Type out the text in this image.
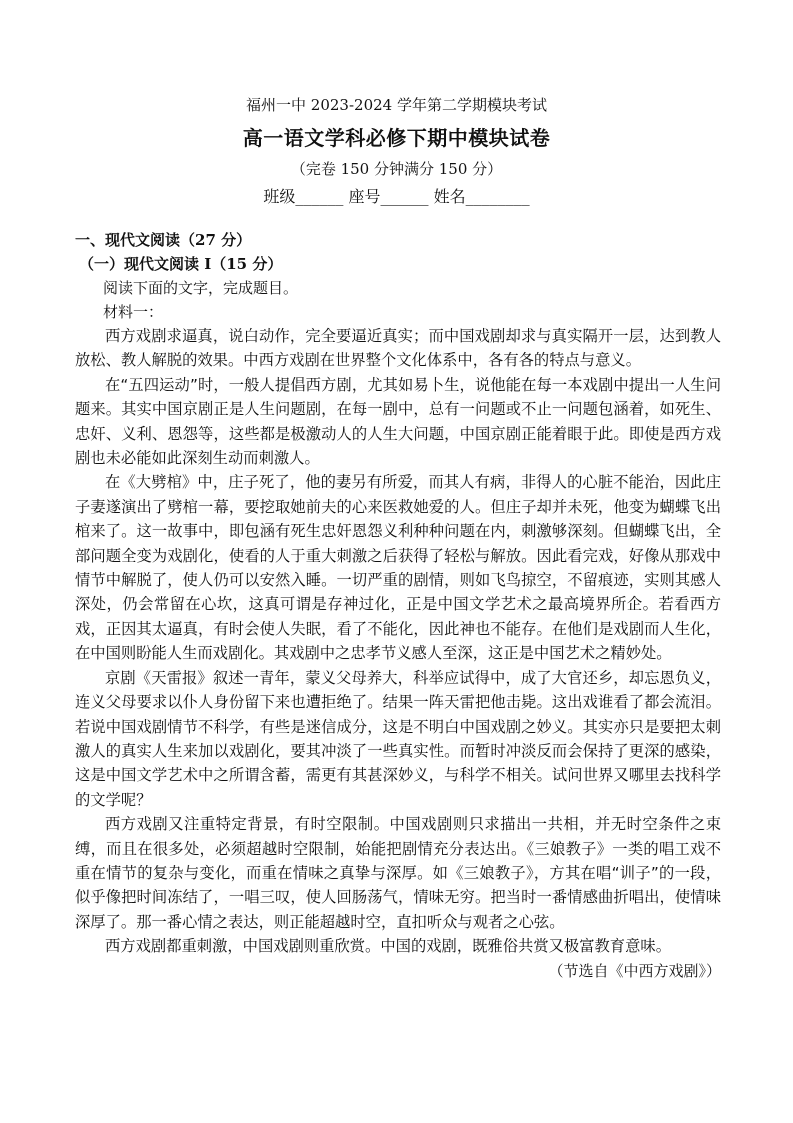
福州一中 2023-2024 学年第二学期模块考试
高一语文学科必修下期中模块试卷
（完卷 150 分钟满分 150 分）
班级______ 座号______ 姓名________
一、现代文阅读（27 分）
（一）现代文阅读 I（15 分）
阅读下面的文字，完成题目。
材料一：

西方戏剧求逼真，说白动作，完全要逼近真实；而中国戏剧却求与真实隔开一层，达到教人放松、教人解脱的效果。中西方戏剧在世界整个文化体系中，各有各的特点与意义。

在“五四运动”时，一般人提倡西方剧，尤其如易卜生，说他能在每一本戏剧中提出一人生问题来。其实中国京剧正是人生问题剧，在每一剧中，总有一问题或不止一问题包涵着，如死生、忠奸、义利、恩怨等，这些都是极激动人的人生大问题，中国京剧正能着眼于此。即使是西方戏剧也未必能如此深刻生动而刺激人。

在《大劈棺》中，庄子死了，他的妻另有所爱，而其人有病，非得人的心脏不能治，因此庄子妻遂演出了劈棺一幕，要挖取她前夫的心来医救她爱的人。但庄子却并未死，他变为蝴蝶飞出棺来了。这一故事中，即包涵有死生忠奸恩怨义利种种问题在内，刺激够深刻。但蝴蝶飞出，全部问题全变为戏剧化，使看的人于重大刺激之后获得了轻松与解放。因此看完戏，好像从那戏中情节中解脱了，使人仍可以安然入睡。一切严重的剧情，则如飞鸟掠空，不留痕迹，实则其感人深处，仍会常留在心坎，这真可谓是存神过化，正是中国文学艺术之最高境界所企。若看西方戏，正因其太逼真，有时会使人失眠，看了不能化，因此神也不能存。在他们是戏剧而人生化，在中国则盼能人生而戏剧化。其戏剧中之忠孝节义感人至深，这正是中国艺术之精妙处。

京剧《天雷报》叙述一青年，蒙义父母养大，科举应试得中，成了大官还乡，却忘恩负义，连义父母要求以仆人身份留下来也遭拒绝了。结果一阵天雷把他击毙。这出戏谁看了都会流泪。若说中国戏剧情节不科学，有些是迷信成分，这是不明白中国戏剧之妙义。其实亦只是要把太刺激人的真实人生来加以戏剧化，要其冲淡了一些真实性。而暂时冲淡反而会保持了更深的感染，这是中国文学艺术中之所谓含蓄，需更有其甚深妙义，与科学不相关。试问世界又哪里去找科学的文学呢？

西方戏剧又注重特定背景，有时空限制。中国戏剧则只求描出一共相，并无时空条件之束缚，而且在很多处，必须超越时空限制，始能把剧情充分表达出。《三娘教子》一类的唱工戏不重在情节的复杂与变化，而重在情味之真挚与深厚。如《三娘教子》，方其在唱“训子”的一段，似乎像把时间冻结了，一唱三叹，使人回肠荡气，情味无穷。把当时一番情感曲折唱出，使情味深厚了。那一番心情之表达，则正能超越时空，直扣听众与观者之心弦。

西方戏剧都重刺激，中国戏剧则重欣赏。中国的戏剧，既雅俗共赏又极富教育意味。

（节选自《中西方戏剧》）
